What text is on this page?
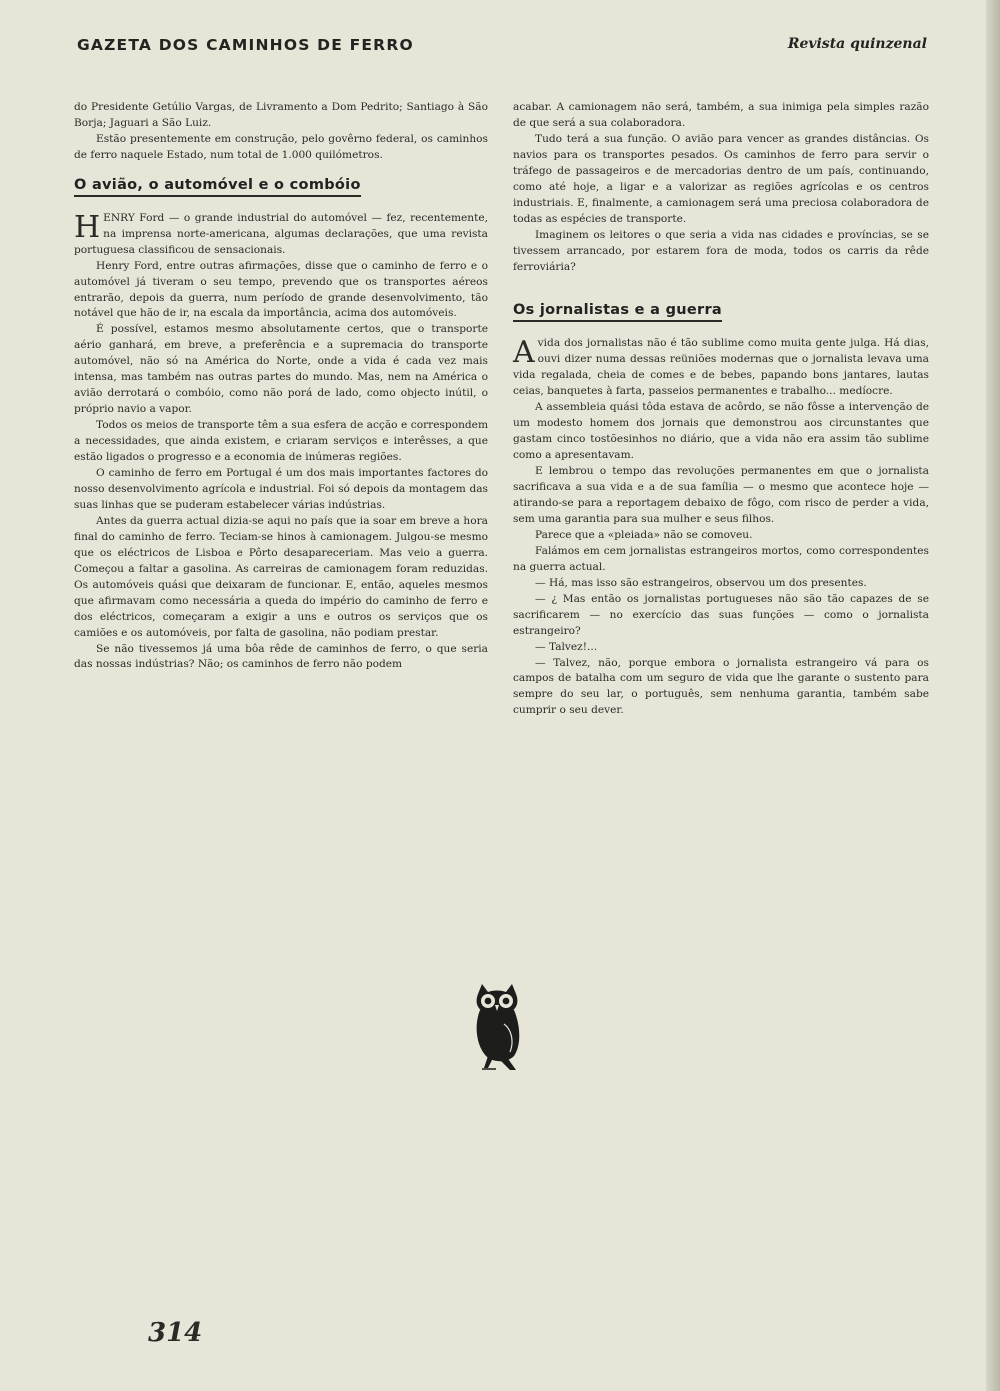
GAZETA DOS CAMINHOS DE FERRO	Revista quinzenal

do Presidente Getúlio Vargas, de Livramento a Dom Pedrito; Santiago à São Borja; Jaguari a São Luiz.

Estão presentemente em construção, pelo govêrno federal, os caminhos de ferro naquele Estado, num total de 1.000 quilómetros.

O avião, o automóvel e o combóio

HENRY Ford — o grande industrial do automóvel — fez, recentemente, na imprensa norte-americana, algumas declarações, que uma revista portuguesa classificou de sensacionais.

Henry Ford, entre outras afirmações, disse que o caminho de ferro e o automóvel já tiveram o seu tempo, prevendo que os transportes aéreos entrarão, depois da guerra, num período de grande desenvolvimento, tão notável que hão de ir, na escala da importância, acima dos automóveis.

É possível, estamos mesmo absolutamente certos, que o transporte aério ganhará, em breve, a preferência e a supremacia do transporte automóvel, não só na América do Norte, onde a vida é cada vez mais intensa, mas também nas outras partes do mundo. Mas, nem na América o avião derrotará o combóio, como não porá de lado, como objecto inútil, o próprio navio a vapor.

Todos os meios de transporte têm a sua esfera de acção e correspondem a necessidades, que ainda existem, e criaram serviços e interêsses, a que estão ligados o progresso e a economia de inúmeras regiões.

O caminho de ferro em Portugal é um dos mais importantes factores do nosso desenvolvimento agrícola e industrial. Foi só depois da montagem das suas linhas que se puderam estabelecer várias indústrias.

Antes da guerra actual dizia-se aqui no país que ia soar em breve a hora final do caminho de ferro. Teciam-se hinos à camionagem. Julgou-se mesmo que os eléctricos de Lisboa e Pôrto desapareceriam. Mas veio a guerra. Começou a faltar a gasolina. As carreiras de camionagem foram reduzidas. Os automóveis quási que deixaram de funcionar. E, então, aqueles mesmos que afirmavam como necessária a queda do império do caminho de ferro e dos eléctricos, começaram a exigir a uns e outros os serviços que os camiões e os automóveis, por falta de gasolina, não podiam prestar.

Se não tivessemos já uma bôa rêde de caminhos de ferro, o que seria das nossas indústrias? Não; os caminhos de ferro não podem

acabar. A camionagem não será, também, a sua inimiga pela simples razão de que será a sua colaboradora.

Tudo terá a sua função. O avião para vencer as grandes distâncias. Os navios para os transportes pesados. Os caminhos de ferro para servir o tráfego de passageiros e de mercadorias dentro de um país, continuando, como até hoje, a ligar e a valorizar as regiões agrícolas e os centros industriais. E, finalmente, a camionagem será uma preciosa colaboradora de todas as espécies de transporte.

Imaginem os leitores o que seria a vida nas cidades e províncias, se se tivessem arrancado, por estarem fora de moda, todos os carris da rêde ferroviária?

Os jornalistas e a guerra

Avida dos jornalistas não é tão sublime como muita gente julga. Há dias, ouvi dizer numa dessas reüniões modernas que o jornalista levava uma vida regalada, cheia de comes e de bebes, papando bons jantares, lautas ceias, banquetes à farta, passeios permanentes e trabalho... medíocre.

A assembleia quási tôda estava de acôrdo, se não fôsse a intervenção de um modesto homem dos jornais que demonstrou aos circunstantes que gastam cinco tostõesinhos no diário, que a vida não era assim tão sublime como a apresentavam.

E lembrou o tempo das revoluções permanentes em que o jornalista sacrificava a sua vida e a de sua família — o mesmo que acontece hoje — atirando-se para a reportagem debaixo de fôgo, com risco de perder a vida, sem uma garantia para sua mulher e seus filhos.

Parece que a «pleiada» não se comoveu.

Falámos em cem jornalistas estrangeiros mortos, como correspondentes na guerra actual.

— Há, mas isso são estrangeiros, observou um dos presentes.

— ¿ Mas então os jornalistas portugueses não são tão capazes de se sacrificarem — no exercício das suas funções — como o jornalista estrangeiro?

— Talvez!...

— Talvez, não, porque embora o jornalista estrangeiro vá para os campos de batalha com um seguro de vida que lhe garante o sustento para sempre do seu lar, o português, sem nenhuma garantia, também sabe cumprir o seu dever.

314
